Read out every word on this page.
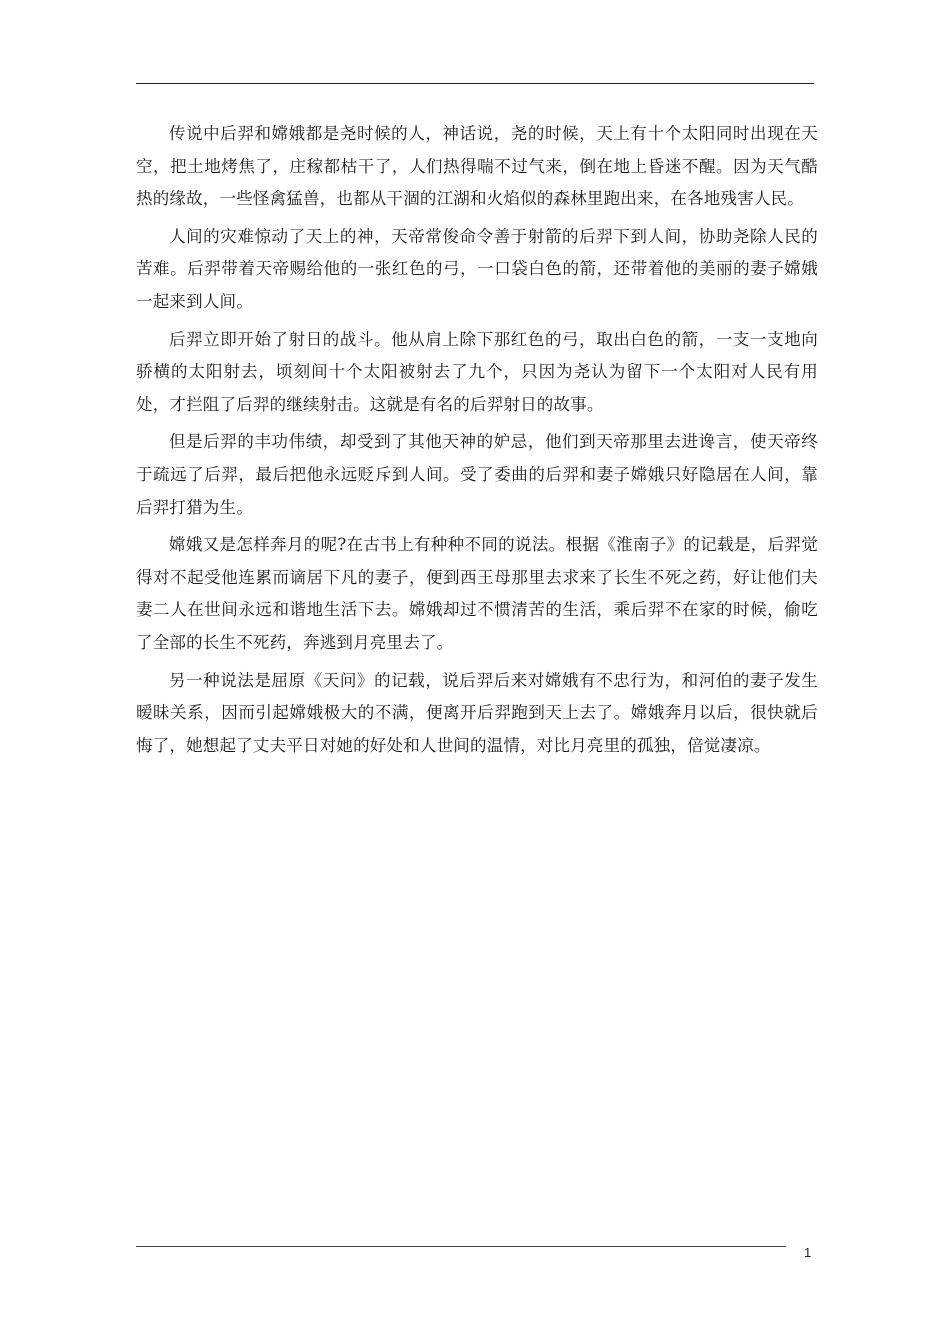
传说中后羿和嫦娥都是尧时候的人，神话说，尧的时候，天上有十个太阳同时出现在天空，把土地烤焦了，庄稼都枯干了，人们热得喘不过气来，倒在地上昏迷不醒。因为天气酷热的缘故，一些怪禽猛兽，也都从干涸的江湖和火焰似的森林里跑出来，在各地残害人民。

人间的灾难惊动了天上的神，天帝常俊命令善于射箭的后羿下到人间，协助尧除人民的苦难。后羿带着天帝赐给他的一张红色的弓，一口袋白色的箭，还带着他的美丽的妻子嫦娥一起来到人间。

后羿立即开始了射日的战斗。他从肩上除下那红色的弓，取出白色的箭，一支一支地向骄横的太阳射去，顷刻间十个太阳被射去了九个，只因为尧认为留下一个太阳对人民有用处，才拦阻了后羿的继续射击。这就是有名的后羿射日的故事。

但是后羿的丰功伟绩，却受到了其他天神的妒忌，他们到天帝那里去进谗言，使天帝终于疏远了后羿，最后把他永远贬斥到人间。受了委曲的后羿和妻子嫦娥只好隐居在人间，靠后羿打猎为生。

嫦娥又是怎样奔月的呢?在古书上有种种不同的说法。根据《淮南子》的记载是，后羿觉得对不起受他连累而谪居下凡的妻子，便到西王母那里去求来了长生不死之药，好让他们夫妻二人在世间永远和谐地生活下去。嫦娥却过不惯清苦的生活，乘后羿不在家的时候，偷吃了全部的长生不死药，奔逃到月亮里去了。

另一种说法是屈原《天问》的记载，说后羿后来对嫦娥有不忠行为，和河伯的妻子发生暧昧关系，因而引起嫦娥极大的不满，便离开后羿跑到天上去了。嫦娥奔月以后，很快就后悔了，她想起了丈夫平日对她的好处和人世间的温情，对比月亮里的孤独，倍觉凄凉。

1
